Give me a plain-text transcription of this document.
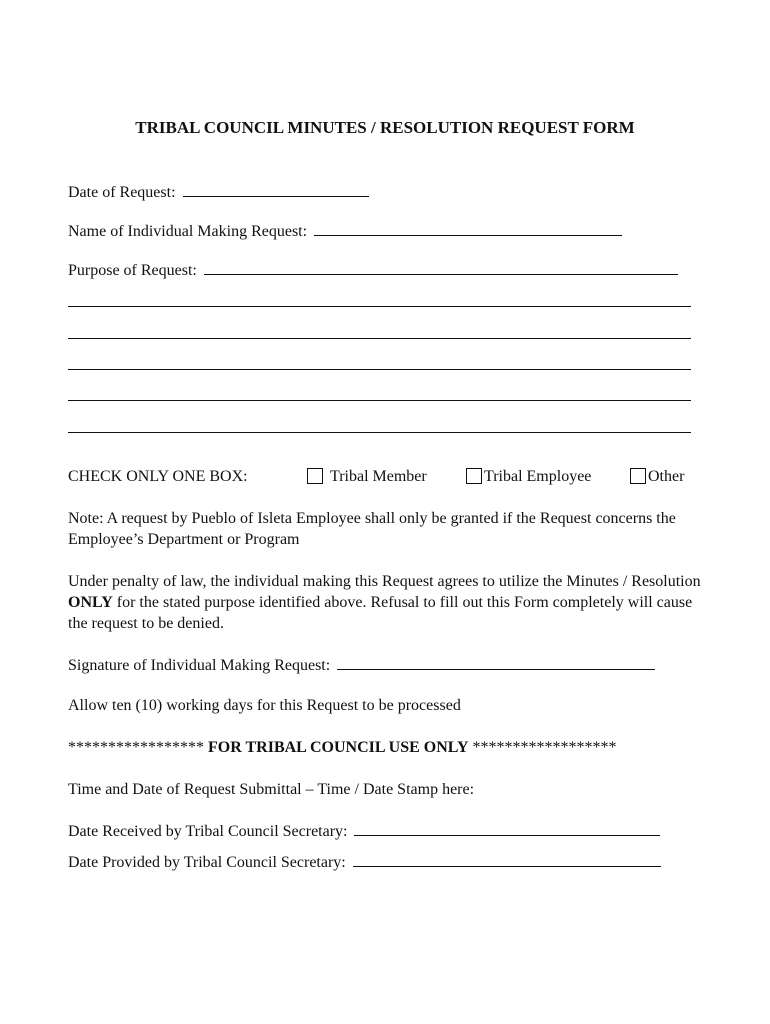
TRIBAL COUNCIL MINUTES / RESOLUTION REQUEST FORM
Date of Request:
Name of Individual Making Request:
Purpose of Request:
CHECK ONLY ONE BOX:	Tribal Member	Tribal Employee	Other
Note: A request by Pueblo of Isleta Employee shall only be granted if the Request concerns the Employee’s Department or Program
Under penalty of law, the individual making this Request agrees to utilize the Minutes / Resolution ONLY for the stated purpose identified above. Refusal to fill out this Form completely will cause the request to be denied.
Signature of Individual Making Request:
Allow ten (10) working days for this Request to be processed
***************** FOR TRIBAL COUNCIL USE ONLY ******************
Time and Date of Request Submittal – Time / Date Stamp here:
Date Received by Tribal Council Secretary:
Date Provided by Tribal Council Secretary:
